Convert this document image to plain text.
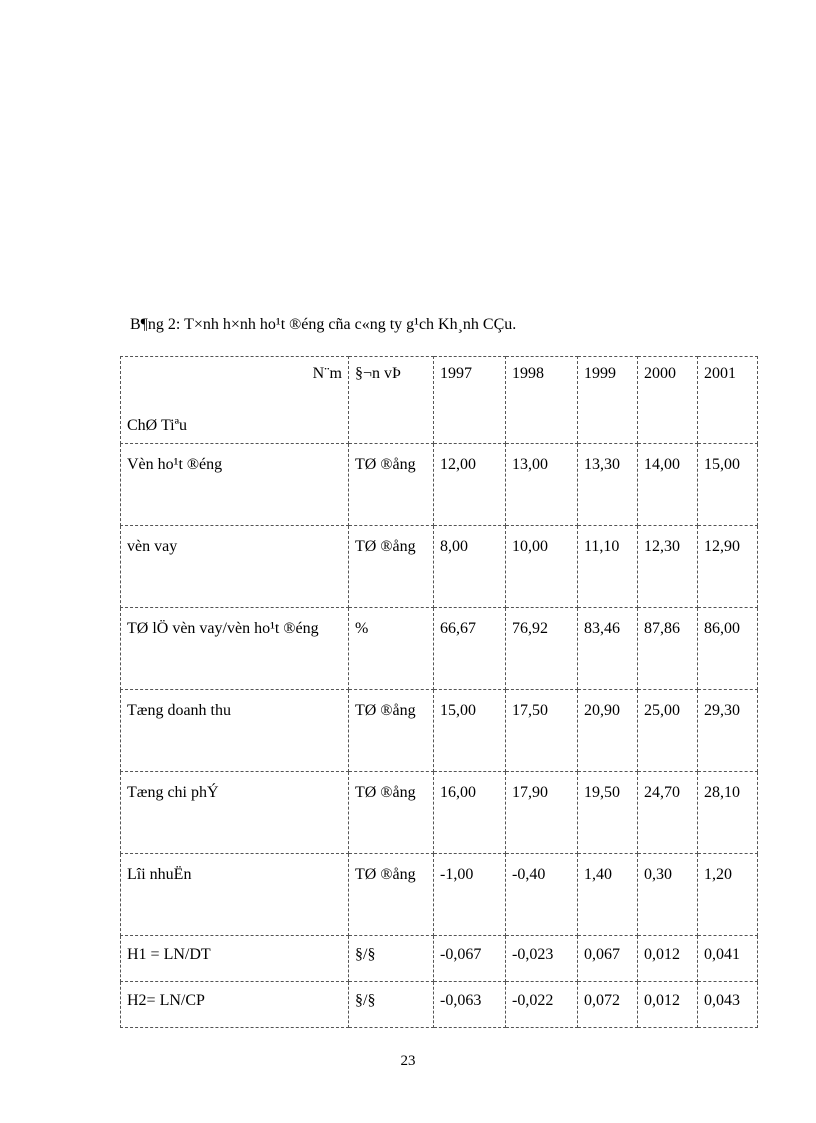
B¶ng 2: T×nh h×nh ho¹t ®éng cña c«ng ty g¹ch Kh¸nh CÇu.
N¨m
ChØ Tiªu	§¬n vÞ	1997	1998	1999	2000	2001
Vèn ho¹t ®éng	TØ ®ång	12,00	13,00	13,30	14,00	15,00
vèn vay	TØ ®ång	8,00	10,00	11,10	12,30	12,90
TØ lÖ vèn vay/vèn ho¹t ®éng	%	66,67	76,92	83,46	87,86	86,00
Tæng doanh thu	TØ ®ång	15,00	17,50	20,90	25,00	29,30
Tæng chi phÝ	TØ ®ång	16,00	17,90	19,50	24,70	28,10
Lîi nhuËn	TØ ®ång	-1,00	-0,40	1,40	0,30	1,20
H1 = LN/DT	§/§	-0,067	-0,023	0,067	0,012	0,041
H2= LN/CP	§/§	-0,063	-0,022	0,072	0,012	0,043
23
